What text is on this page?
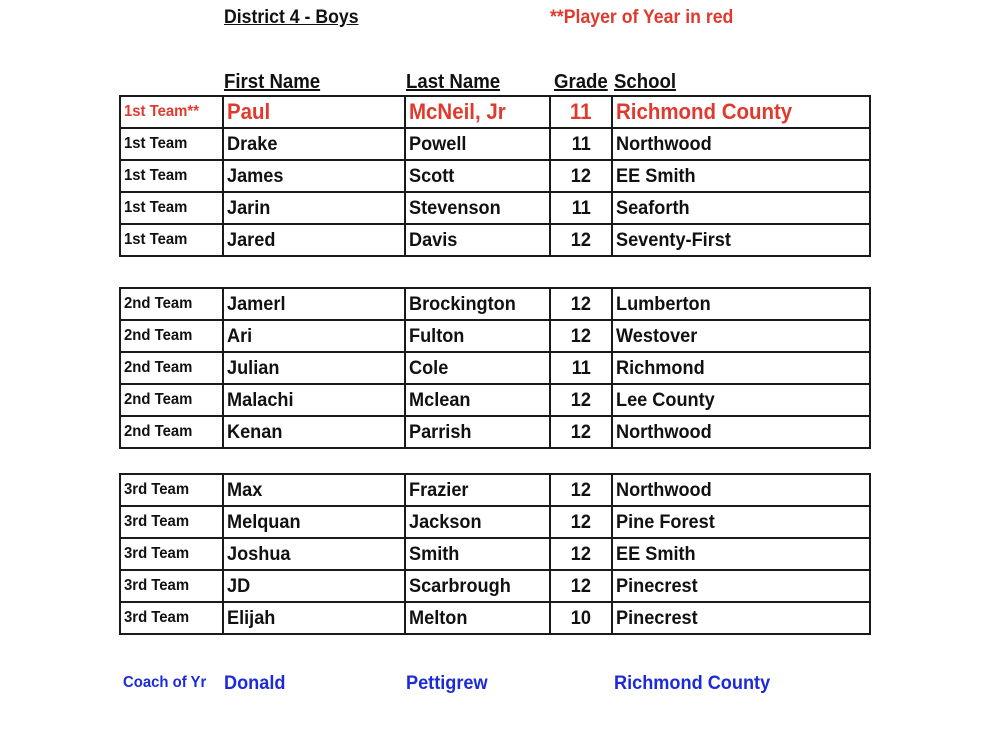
District 4 - Boys	**Player of Year in red
First Name	Last Name	Grade School
1st Team** Paul	McNeil, Jr	11 Richmond County
1st Team Drake	Powell	11 Northwood
1st Team James	Scott	12 EE Smith
1st Team Jarin	Stevenson	11 Seaforth
1st Team Jared	Davis	12 Seventy-First
2nd Team Jamerl	Brockington	12 Lumberton
2nd Team Ari	Fulton	12 Westover
2nd Team Julian	Cole	11 Richmond
2nd Team Malachi	Mclean	12 Lee County
2nd Team Kenan	Parrish	12 Northwood
3rd Team Max	Frazier	12 Northwood
3rd Team Melquan	Jackson	12 Pine Forest
3rd Team Joshua	Smith	12 EE Smith
3rd Team JD	Scarbrough	12 Pinecrest
3rd Team Elijah	Melton	10 Pinecrest
Coach of Yr Donald	Pettigrew	Richmond County
